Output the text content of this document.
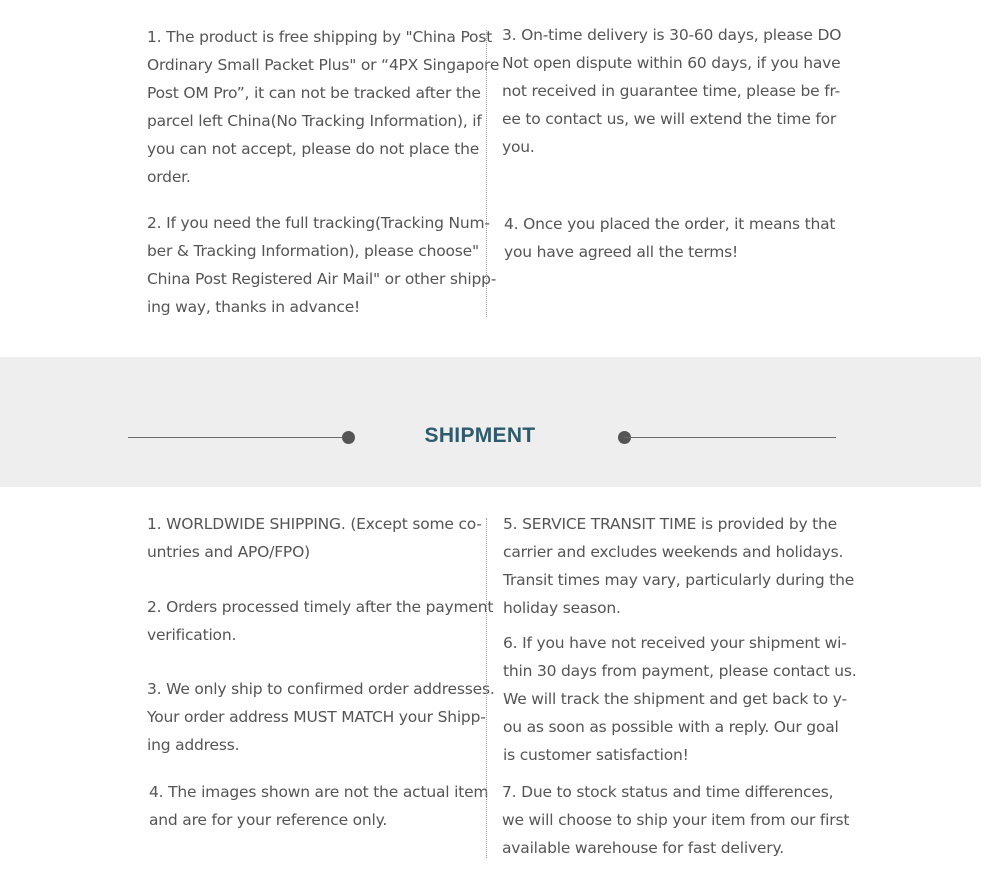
1. The product is free shipping by "China Post
Ordinary Small Packet Plus" or “4PX Singapore
Post OM Pro”, it can not be tracked after the
parcel left China(No Tracking Information), if
you can not accept, please do not place the
order.

2. If you need the full tracking(Tracking Num-
ber & Tracking Information), please choose"
China Post Registered Air Mail" or other shipp-
ing way, thanks in advance!

3. On-time delivery is 30-60 days, please DO
Not open dispute within 60 days, if you have
not received in guarantee time, please be fr-
ee to contact us, we will extend the time for
you.

4. Once you placed the order, it means that
you have agreed all the terms!

SHIPMENT

1. WORLDWIDE SHIPPING. (Except some co-
untries and APO/FPO)

2. Orders processed timely after the payment
verification.

3. We only ship to confirmed order addresses.
Your order address MUST MATCH your Shipp-
ing address.

4. The images shown are not the actual item
and are for your reference only.

5. SERVICE TRANSIT TIME is provided by the
carrier and excludes weekends and holidays.
Transit times may vary, particularly during the
holiday season.

6. If you have not received your shipment wi-
thin 30 days from payment, please contact us.
We will track the shipment and get back to y-
ou as soon as possible with a reply. Our goal
is customer satisfaction!

7. Due to stock status and time differences,
we will choose to ship your item from our first
available warehouse for fast delivery.
